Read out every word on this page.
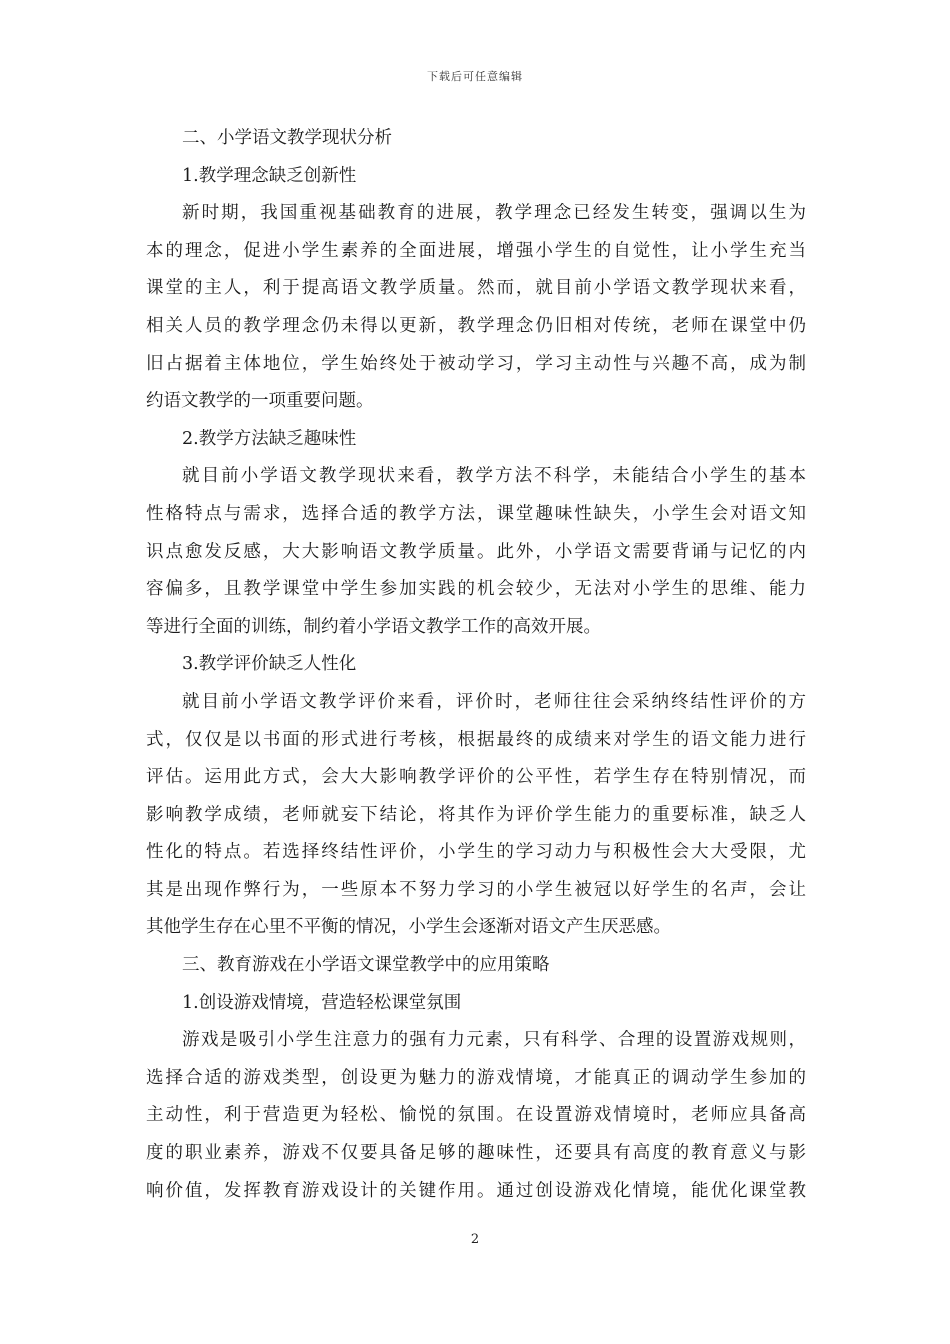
下载后可任意编辑
二、小学语文教学现状分析
1.教学理念缺乏创新性
新时期，我国重视基础教育的进展，教学理念已经发生转变，强调以生为
本的理念，促进小学生素养的全面进展，增强小学生的自觉性，让小学生充当
课堂的主人，利于提高语文教学质量。然而，就目前小学语文教学现状来看，
相关人员的教学理念仍未得以更新，教学理念仍旧相对传统，老师在课堂中仍
旧占据着主体地位，学生始终处于被动学习，学习主动性与兴趣不高，成为制
约语文教学的一项重要问题。
2.教学方法缺乏趣味性
就目前小学语文教学现状来看，教学方法不科学，未能结合小学生的基本
性格特点与需求，选择合适的教学方法，课堂趣味性缺失，小学生会对语文知
识点愈发反感，大大影响语文教学质量。此外，小学语文需要背诵与记忆的内
容偏多，且教学课堂中学生参加实践的机会较少，无法对小学生的思维、能力
等进行全面的训练，制约着小学语文教学工作的高效开展。
3.教学评价缺乏人性化
就目前小学语文教学评价来看，评价时，老师往往会采纳终结性评价的方
式，仅仅是以书面的形式进行考核，根据最终的成绩来对学生的语文能力进行
评估。运用此方式，会大大影响教学评价的公平性，若学生存在特别情况，而
影响教学成绩，老师就妄下结论，将其作为评价学生能力的重要标准，缺乏人
性化的特点。若选择终结性评价，小学生的学习动力与积极性会大大受限，尤
其是出现作弊行为，一些原本不努力学习的小学生被冠以好学生的名声，会让
其他学生存在心里不平衡的情况，小学生会逐渐对语文产生厌恶感。
三、教育游戏在小学语文课堂教学中的应用策略
1.创设游戏情境，营造轻松课堂氛围
游戏是吸引小学生注意力的强有力元素，只有科学、合理的设置游戏规则，
选择合适的游戏类型，创设更为魅力的游戏情境，才能真正的调动学生参加的
主动性，利于营造更为轻松、愉悦的氛围。在设置游戏情境时，老师应具备高
度的职业素养，游戏不仅要具备足够的趣味性，还要具有高度的教育意义与影
响价值，发挥教育游戏设计的关键作用。通过创设游戏化情境，能优化课堂教
2
